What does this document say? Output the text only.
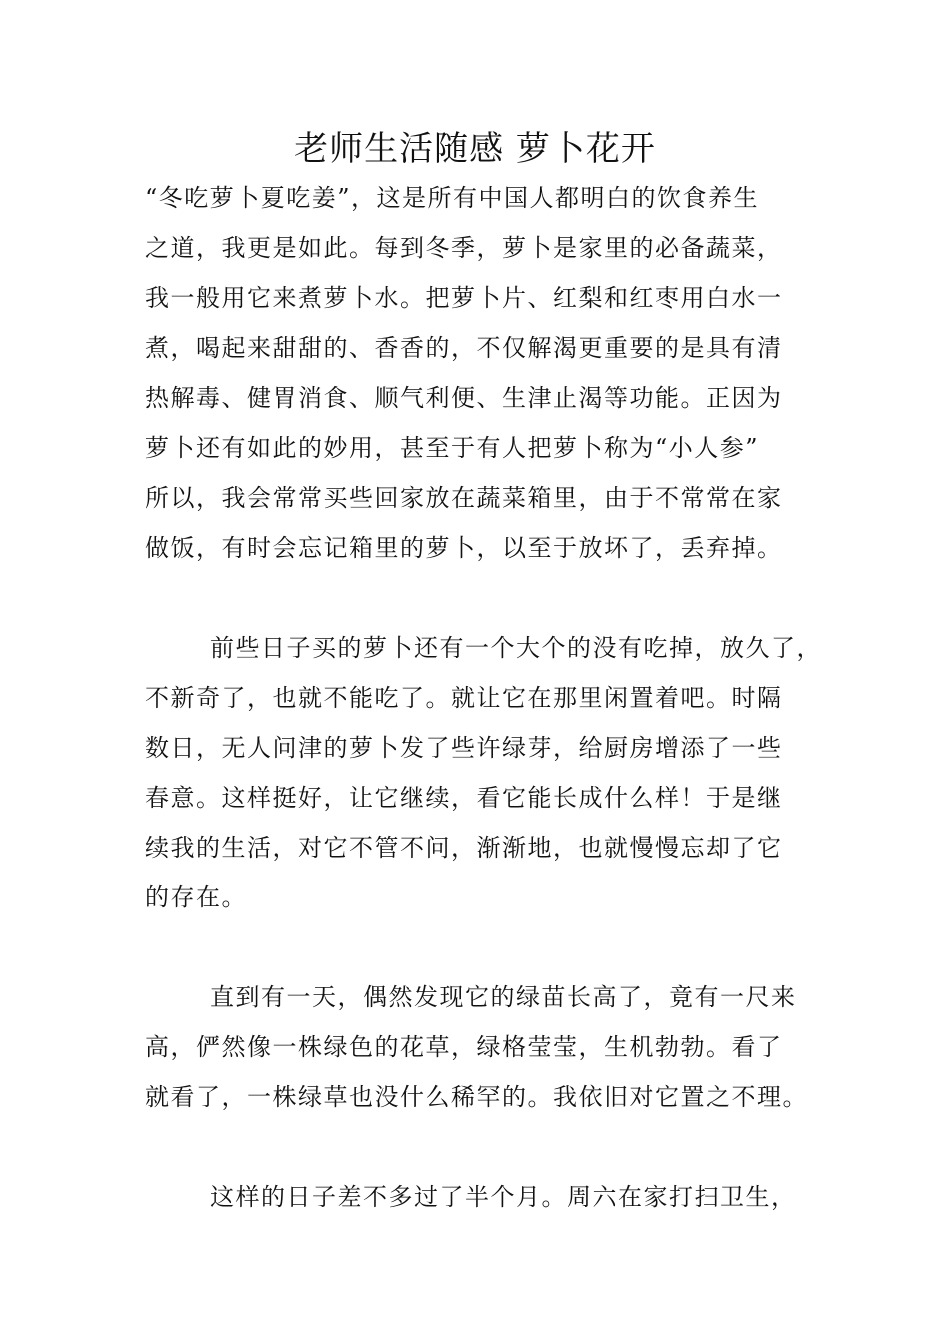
老师生活随感 萝卜花开
“冬吃萝卜夏吃姜”，这是所有中国人都明白的饮食养生
之道，我更是如此。每到冬季，萝卜是家里的必备蔬菜，
我一般用它来煮萝卜水。把萝卜片、红梨和红枣用白水一
煮，喝起来甜甜的、香香的，不仅解渴更重要的是具有清
热解毒、健胃消食、顺气利便、生津止渴等功能。正因为
萝卜还有如此的妙用，甚至于有人把萝卜称为“小人参”
所以，我会常常买些回家放在蔬菜箱里，由于不常常在家
做饭，有时会忘记箱里的萝卜，以至于放坏了，丢弃掉。
前些日子买的萝卜还有一个大个的没有吃掉，放久了，
不新奇了，也就不能吃了。就让它在那里闲置着吧。时隔
数日，无人问津的萝卜发了些许绿芽，给厨房增添了一些
春意。这样挺好，让它继续，看它能长成什么样！于是继
续我的生活，对它不管不问，渐渐地，也就慢慢忘却了它
的存在。
直到有一天，偶然发现它的绿苗长高了，竟有一尺来
高，俨然像一株绿色的花草，绿格莹莹，生机勃勃。看了
就看了，一株绿草也没什么稀罕的。我依旧对它置之不理。
这样的日子差不多过了半个月。周六在家打扫卫生，
